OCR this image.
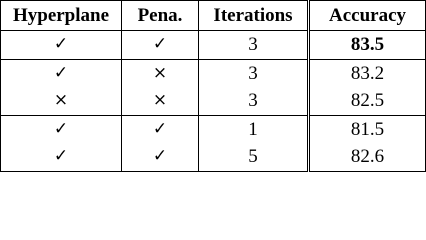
Hyperplane	Pena.	Iterations	Accuracy
✓	✓	3	83.5
✓	×	3	83.2
×	×	3	82.5
✓	✓	1	81.5
✓	✓	5	82.6
